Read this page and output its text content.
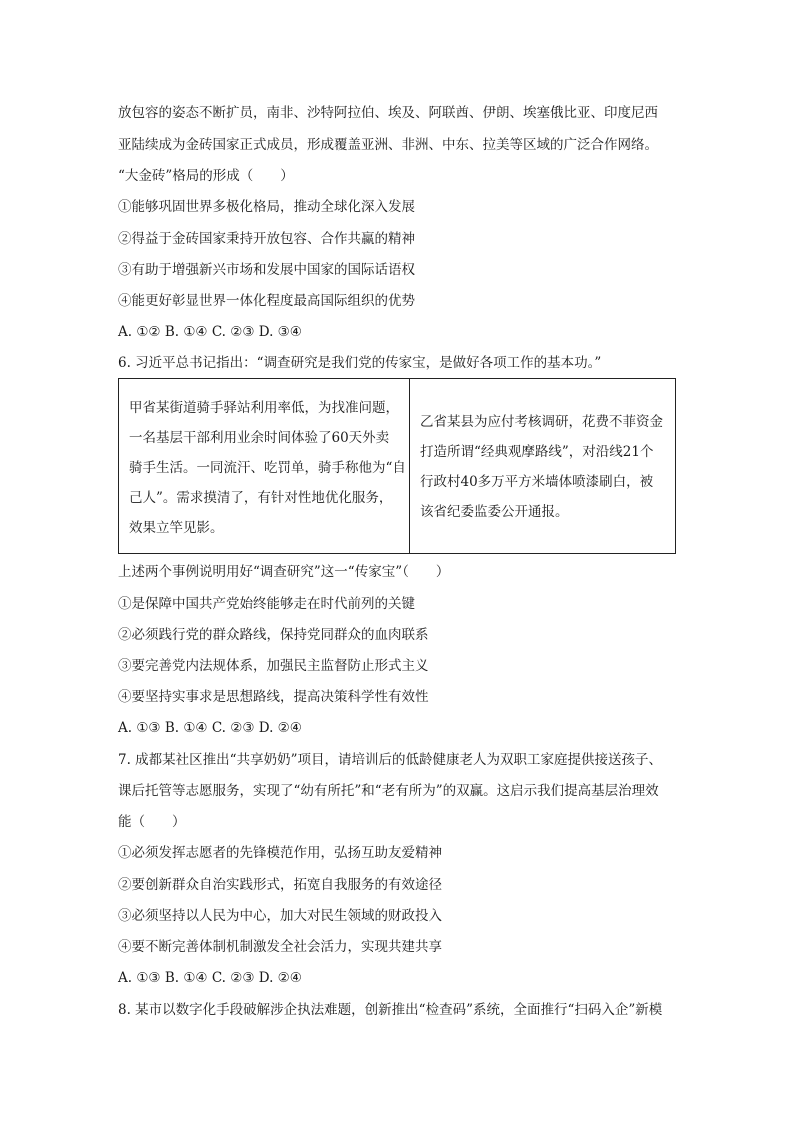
放包容的姿态不断扩员，南非、沙特阿拉伯、埃及、阿联酋、伊朗、埃塞俄比亚、印度尼西
亚陆续成为金砖国家正式成员，形成覆盖亚洲、非洲、中东、拉美等区域的广泛合作网络。
“大金砖”格局的形成（　　）
①能够巩固世界多极化格局，推动全球化深入发展
②得益于金砖国家秉持开放包容、合作共赢的精神
③有助于增强新兴市场和发展中国家的国际话语权
④能更好彰显世界一体化程度最高国际组织的优势
A. ①② B. ①④ C. ②③ D. ③④
6. 习近平总书记指出：“调查研究是我们党的传家宝，是做好各项工作的基本功。”
甲省某街道骑手驿站利用率低，为找准问题，
一名基层干部利用业余时间体验了60天外卖
骑手生活。一同流汗、吃罚单，骑手称他为“自
己人”。需求摸清了，有针对性地优化服务，
效果立竿见影。

乙省某县为应付考核调研，花费不菲资金
打造所谓“经典观摩路线”，对沿线21个
行政村40多万平方米墙体喷漆刷白，被
该省纪委监委公开通报。
上述两个事例说明用好“调查研究”这一“传家宝”（　　）
①是保障中国共产党始终能够走在时代前列的关键
②必须践行党的群众路线，保持党同群众的血肉联系
③要完善党内法规体系，加强民主监督防止形式主义
④要坚持实事求是思想路线，提高决策科学性有效性
A. ①③ B. ①④ C. ②③ D. ②④
7. 成都某社区推出“共享奶奶”项目，请培训后的低龄健康老人为双职工家庭提供接送孩子、
课后托管等志愿服务，实现了“幼有所托”和“老有所为”的双赢。这启示我们提高基层治理效
能（　　）
①必须发挥志愿者的先锋模范作用，弘扬互助友爱精神
②要创新群众自治实践形式，拓宽自我服务的有效途径
③必须坚持以人民为中心，加大对民生领域的财政投入
④要不断完善体制机制激发全社会活力，实现共建共享
A. ①③ B. ①④ C. ②③ D. ②④
8. 某市以数字化手段破解涉企执法难题，创新推出“检查码”系统，全面推行“扫码入企”新模
